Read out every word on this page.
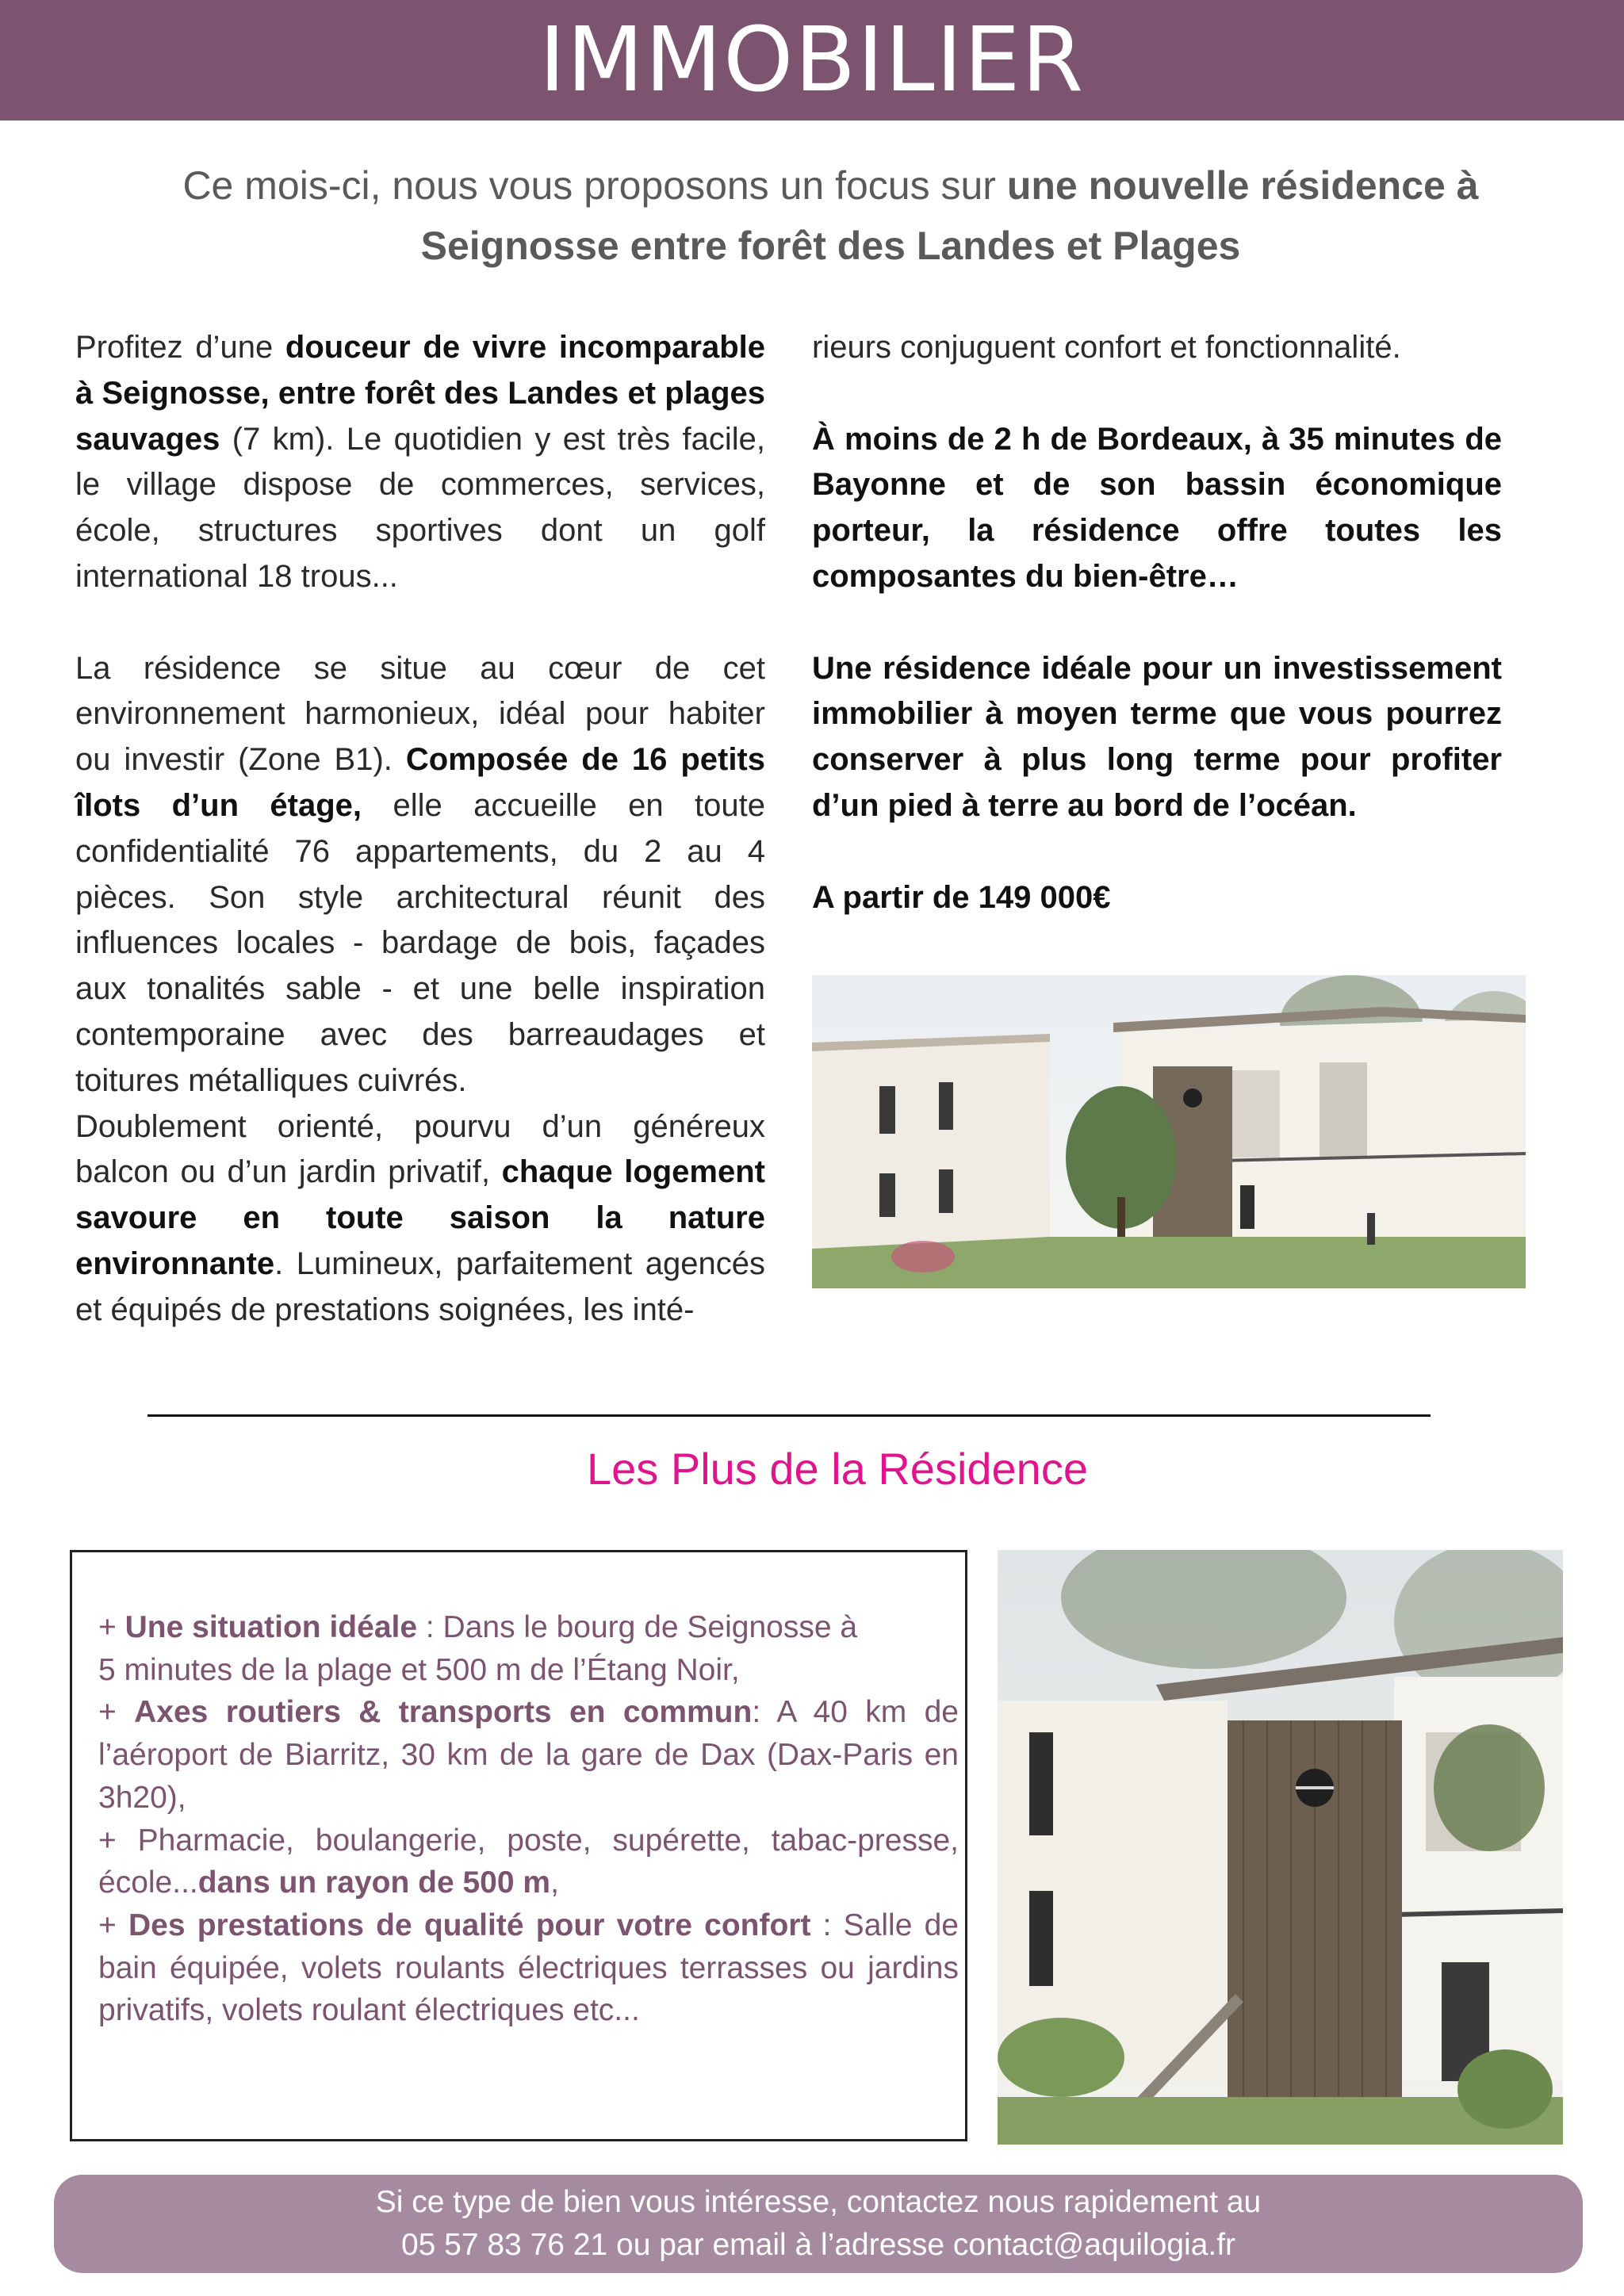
IMMOBILIER
Ce mois-ci, nous vous proposons un focus sur une nouvelle résidence à
Seignosse entre forêt des Landes et Plages

Profitez d’une douceur de vivre incomparable à Seignosse, entre forêt des Landes et plages sauvages (7 km). Le quotidien y est très facile, le village dispose de commerces, services, école, structures sportives dont un golf international 18 trous...

La résidence se situe au cœur de cet environnement harmonieux, idéal pour habiter ou investir (Zone B1). Composée de 16 petits îlots d’un étage, elle accueille en toute confidentialité 76 appartements, du 2 au 4 pièces. Son style architectural réunit des influences locales - bardage de bois, façades aux tonalités sable - et une belle inspiration contemporaine avec des barreaudages et toitures métalliques cuivrés.

Doublement orienté, pourvu d’un généreux balcon ou d’un jardin privatif, chaque logement savoure en toute saison la nature environnante. Lumineux, parfaitement agencés et équipés de prestations soignées, les inté-

rieurs conjuguent confort et fonctionnalité.

À moins de 2 h de Bordeaux, à 35 minutes de Bayonne et de son bassin économique porteur, la résidence offre toutes les composantes du bien-être…

Une résidence idéale pour un investissement immobilier à moyen terme que vous pourrez conserver à plus long terme pour profiter d’un pied à terre au bord de l’océan.

A partir de 149 000€

Les Plus de la Résidence

+ Une situation idéale : Dans le bourg de Seignosse à
5 minutes de la plage et 500 m de l’Étang Noir,

+ Axes routiers & transports en commun: A 40 km de l’aéroport de Biarritz, 30 km de la gare de Dax (Dax-Paris en 3h20),

+ Pharmacie, boulangerie, poste, supérette, tabac-presse, école...dans un rayon de 500 m,

+ Des prestations de qualité pour votre confort : Salle de bain équipée, volets roulants électriques terrasses ou jardins privatifs, volets roulant électriques etc...

Si ce type de bien vous intéresse, contactez nous rapidement au
05 57 83 76 21 ou par email à l’adresse contact@aquilogia.fr
